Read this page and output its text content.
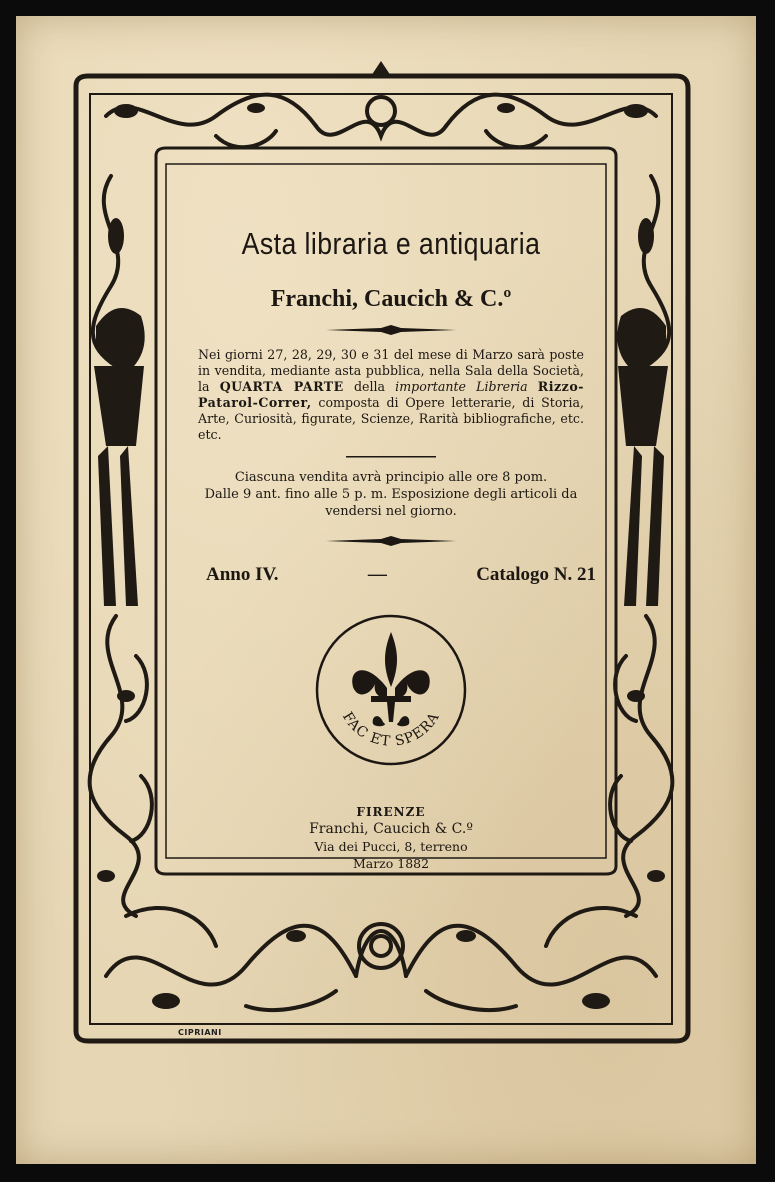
Asta libraria e antiquaria
Franchi, Caucich & C.º
Nei giorni 27, 28, 29, 30 e 31 del mese di Marzo sarà poste in vendita, mediante asta pubblica, nella Sala della Società, la QUARTA PARTE della importante Libreria Rizzo-Patarol-Correr, composta di Opere letterarie, di Storia, Arte, Curiosità, figurate, Scienze, Rarità bibliografiche, etc. etc.
Ciascuna vendita avrà principio alle ore 8 pom.
Dalle 9 ant. fino alle 5 p. m. Esposizione degli articoli da vendersi nel giorno.
Anno IV.	—	Catalogo N. 21
FAC ET SPERA
FIRENZE
Franchi, Caucich & C.º
Via dei Pucci, 8, terreno
Marzo 1882
CIPRIANI
